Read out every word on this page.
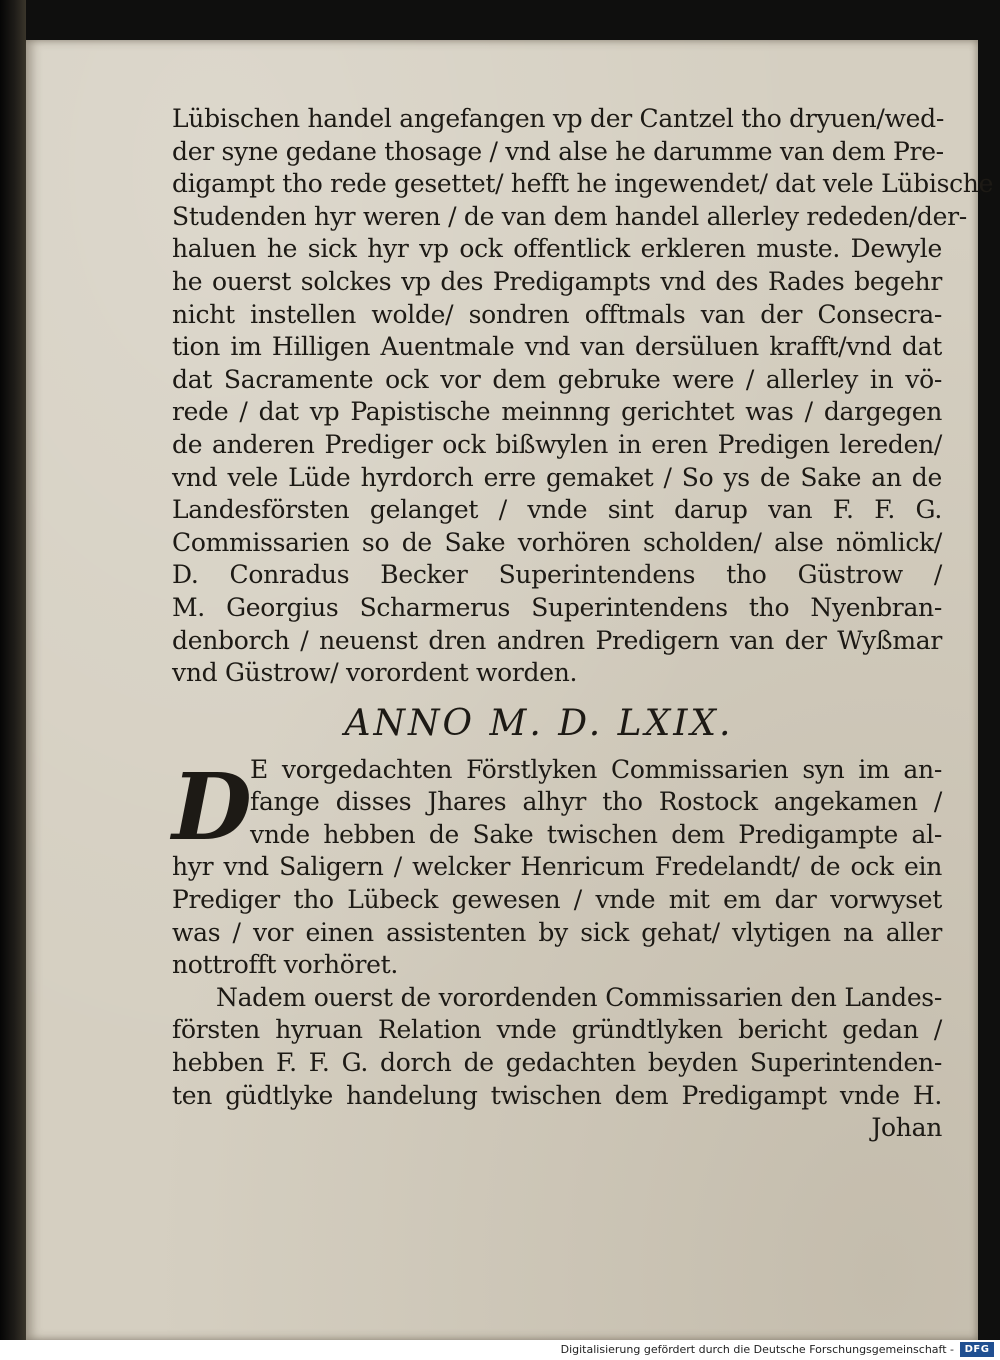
Lübischen handel angefangen vp der Cantzel tho dryuen/wed-
der syne gedane thosage / vnd alse he darumme van dem Pre-
digampt tho rede gesettet/ hefft he ingewendet/ dat vele Lübische
Studenden hyr weren / de van dem handel allerley rededen/der-
haluen he sick hyr vp ock offentlick erkleren muste. Dewyle
he ouerst solckes vp des Predigampts vnd des Rades begehr
nicht instellen wolde/ sondren offtmals van der Consecra-
tion im Hilligen Auentmale vnd van dersüluen krafft/vnd dat
dat Sacramente ock vor dem gebruke were / allerley in vö-
rede / dat vp Papistische meinnng gerichtet was / dargegen
de anderen Prediger ock bißwylen in eren Predigen lereden/
vnd vele Lüde hyrdorch erre gemaket / So ys de Sake an de
Landesförsten gelanget / vnde sint darup van F. F. G.
Commissarien so de Sake vorhören scholden/ alse nömlick/
D. Conradus Becker Superintendens tho Güstrow /
M. Georgius Scharmerus Superintendens tho Nyenbran-
denborch / neuenst dren andren Predigern van der Wyßmar
vnd Güstrow/ vorordent worden.
ANNO M. D. LXIX.
D
E vorgedachten Förstlyken Commissarien syn im an-
fange disses Jhares alhyr tho Rostock angekamen /
vnde hebben de Sake twischen dem Predigampte al-
hyr vnd Saligern / welcker Henricum Fredelandt/ de ock ein
Prediger tho Lübeck gewesen / vnde mit em dar vorwyset
was / vor einen assistenten by sick gehat/ vlytigen na aller
nottrofft vorhöret.
Nadem ouerst de vorordenden Commissarien den Landes-
försten hyruan Relation vnde gründtlyken bericht gedan /
hebben F. F. G. dorch de gedachten beyden Superintenden-
ten güdtlyke handelung twischen dem Predigampt vnde H.
Johan
Digitalisierung gefördert durch die Deutsche Forschungsgemeinschaft -	DFG
